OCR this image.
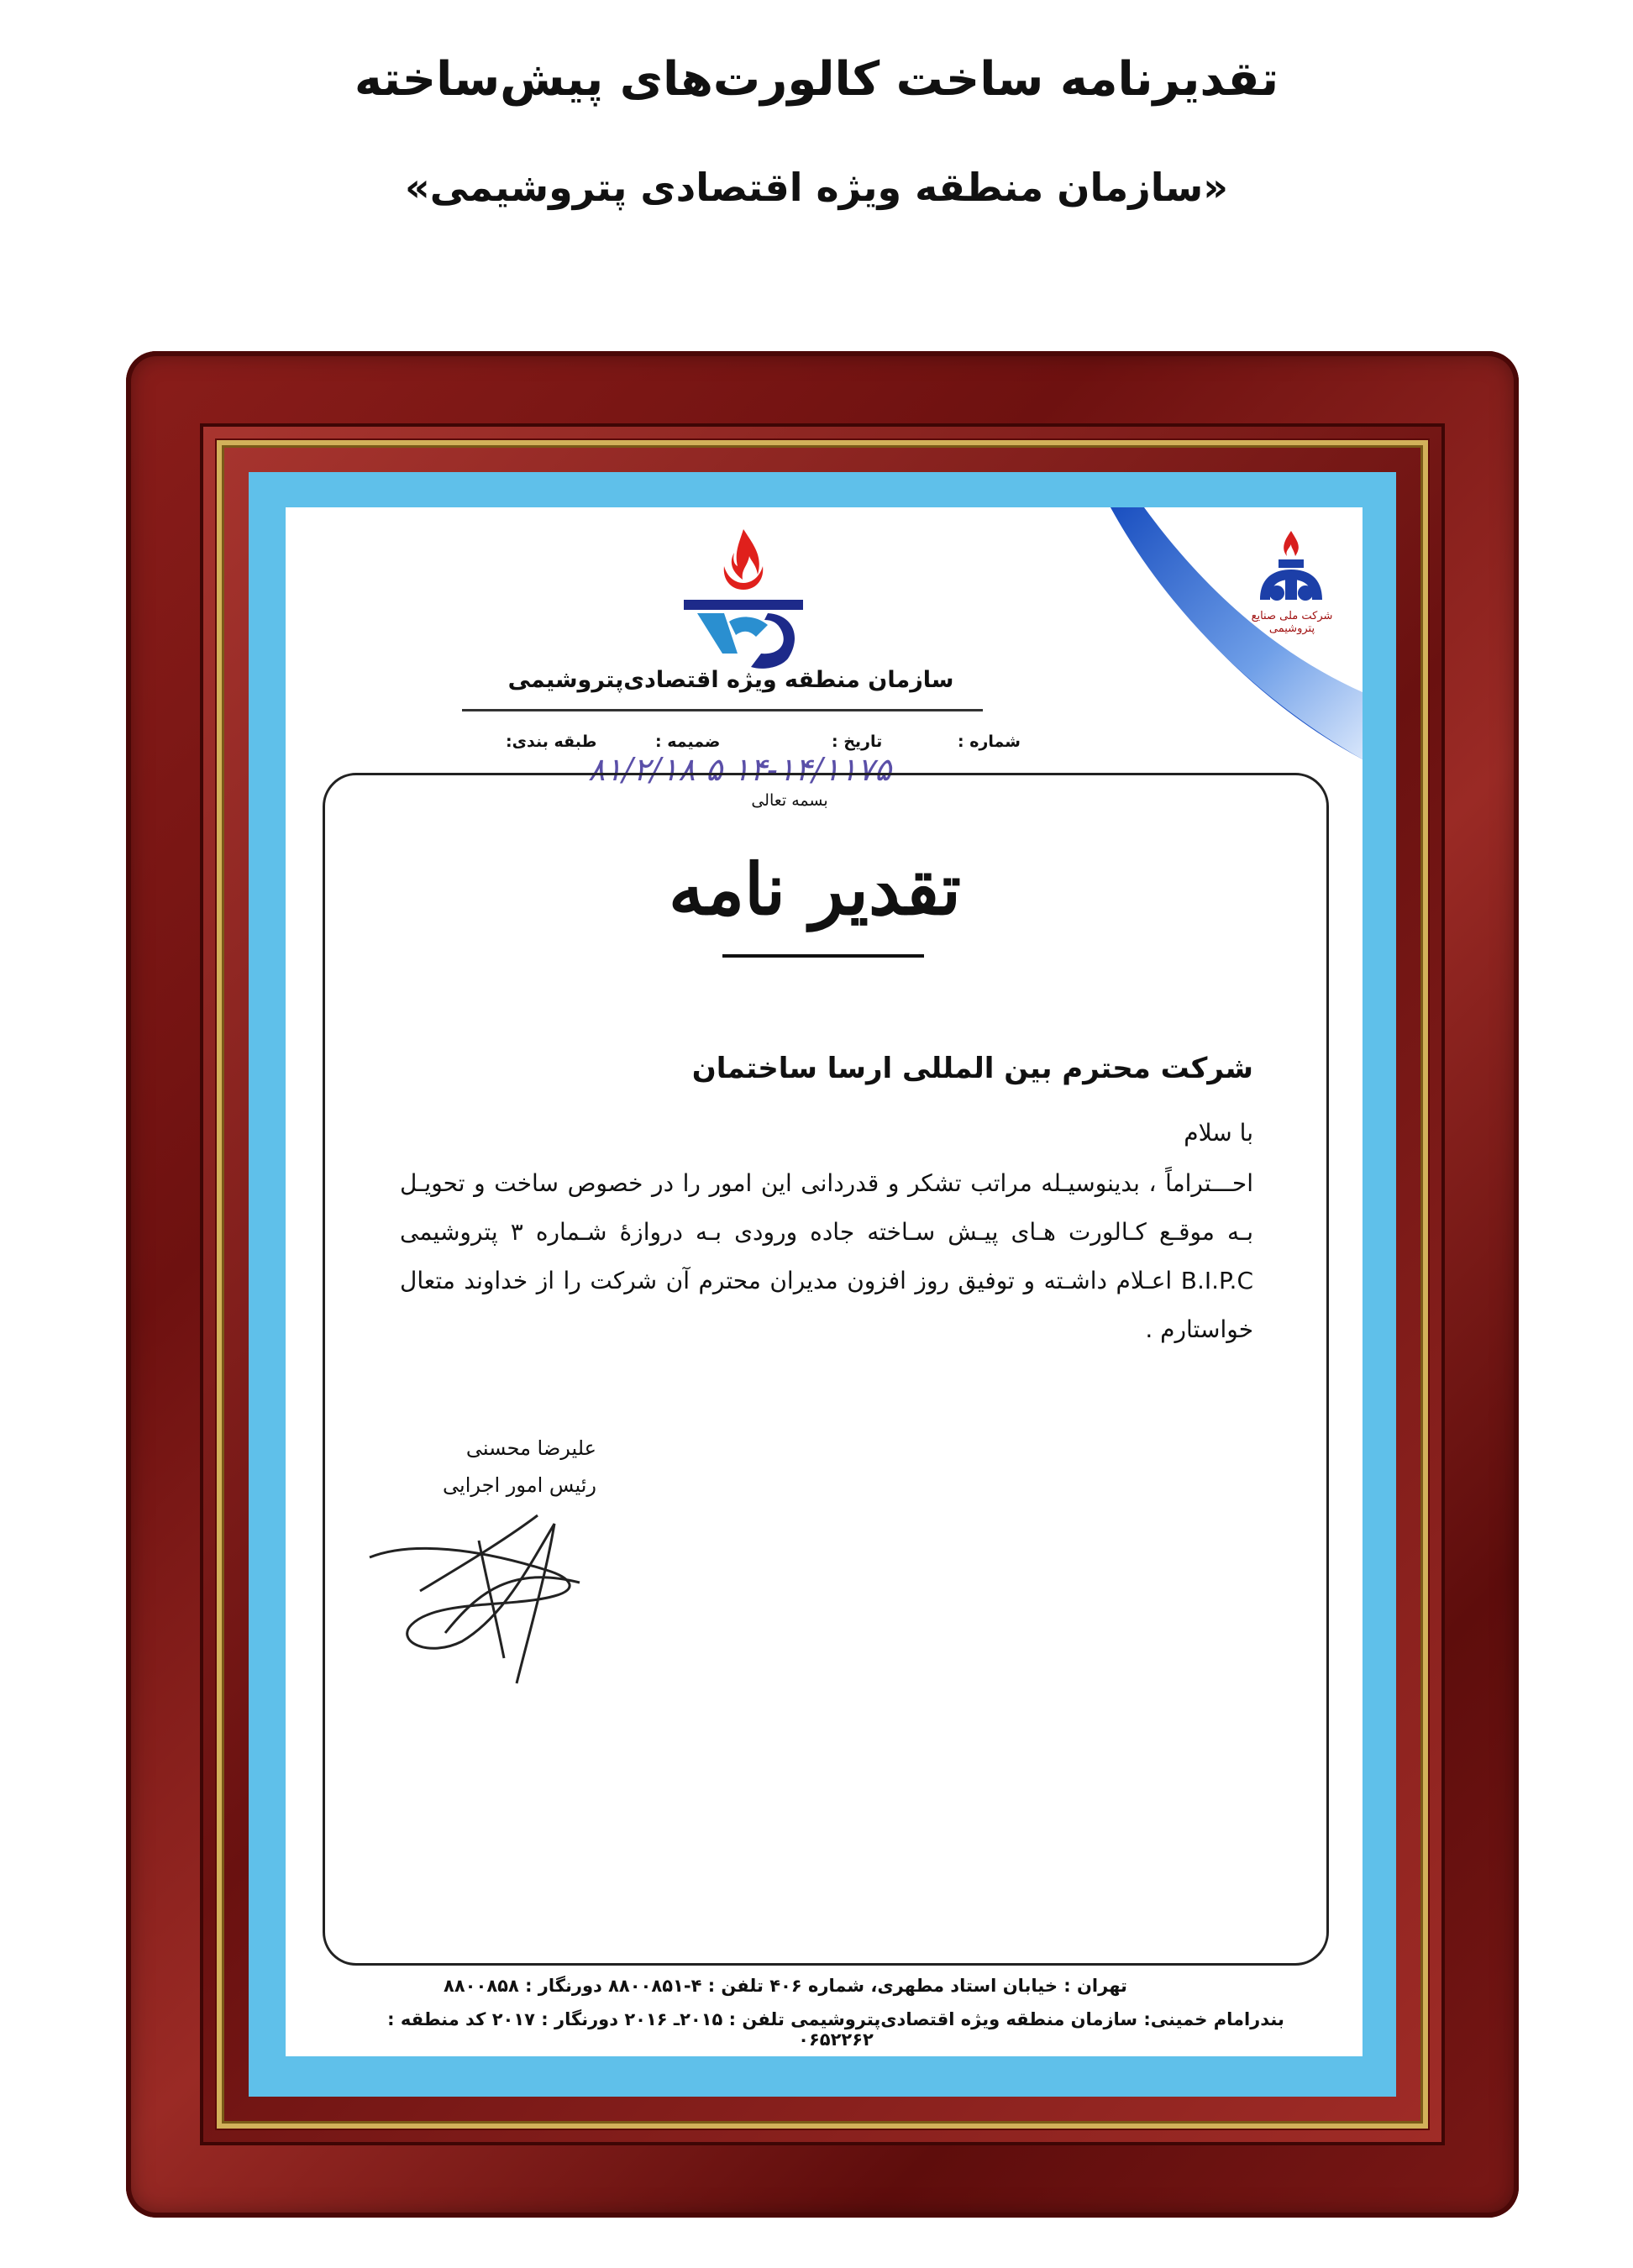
تقدیرنامه ساخت کالورت‌های پیش‌ساخته
«سازمان منطقه ویژه اقتصادی پتروشیمی»
شرکت ملی صنایع پتروشیمی
سازمان منطقه ویژه اقتصادی‌پتروشیمی
شماره :
تاریخ :
ضمیمه :
طبقه بندی:
۸۱/۲/۱۸ ۵ ۱۴-۱۴/۱۱۷۵
بسمه تعالی
تقدیر نامه
شرکت محترم بین المللی ارسا ساختمان
با سلام
احـــتراماً ، بدینوسیـله مراتب تشکر و قدردانی این امور را در خصوص ساخت و تحویـل بـه موقـع کـالورت هـای پیـش سـاخته جاده ورودی بـه دروازهٔ شـماره ۳ پتروشیمی B.I.P.C اعـلام داشـته و توفیق روز افزون مدیران محترم آن شرکت را از خداوند متعال خواستارم .
علیرضا محسنی
رئیس امور اجرایی
تهران : خیابان استاد مطهری، شماره ۴۰۶ تلفن : ۴-۸۸۰۰۸۵۱ دورنگار : ۸۸۰۰۸۵۸
بندرامام خمینی: سازمان منطقه ویژه اقتصادی‌پتروشیمی تلفن : ۲۰۱۵ـ ۲۰۱۶ دورنگار : ۲۰۱۷ کد منطقه : ۰۶۵۲۲۶۲
